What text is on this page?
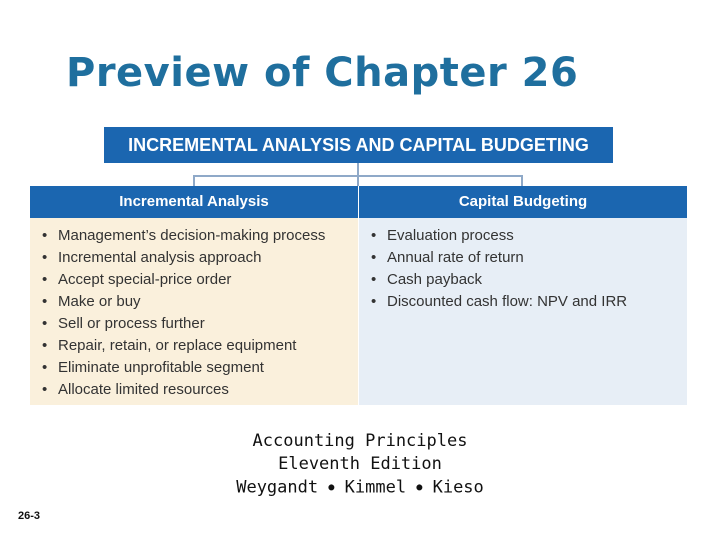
Preview of Chapter 26
INCREMENTAL ANALYSIS AND CAPITAL BUDGETING
Incremental Analysis	Capital Budgeting
• Management’s decision-making process
• Incremental analysis approach
• Accept special-price order
• Make or buy
• Sell or process further
• Repair, retain, or replace equipment
• Eliminate unprofitable segment
• Allocate limited resources
• Evaluation process
• Annual rate of return
• Cash payback
• Discounted cash flow: NPV and IRR
Accounting Principles
Eleventh Edition
Weygandt ● Kimmel ● Kieso
26-3
